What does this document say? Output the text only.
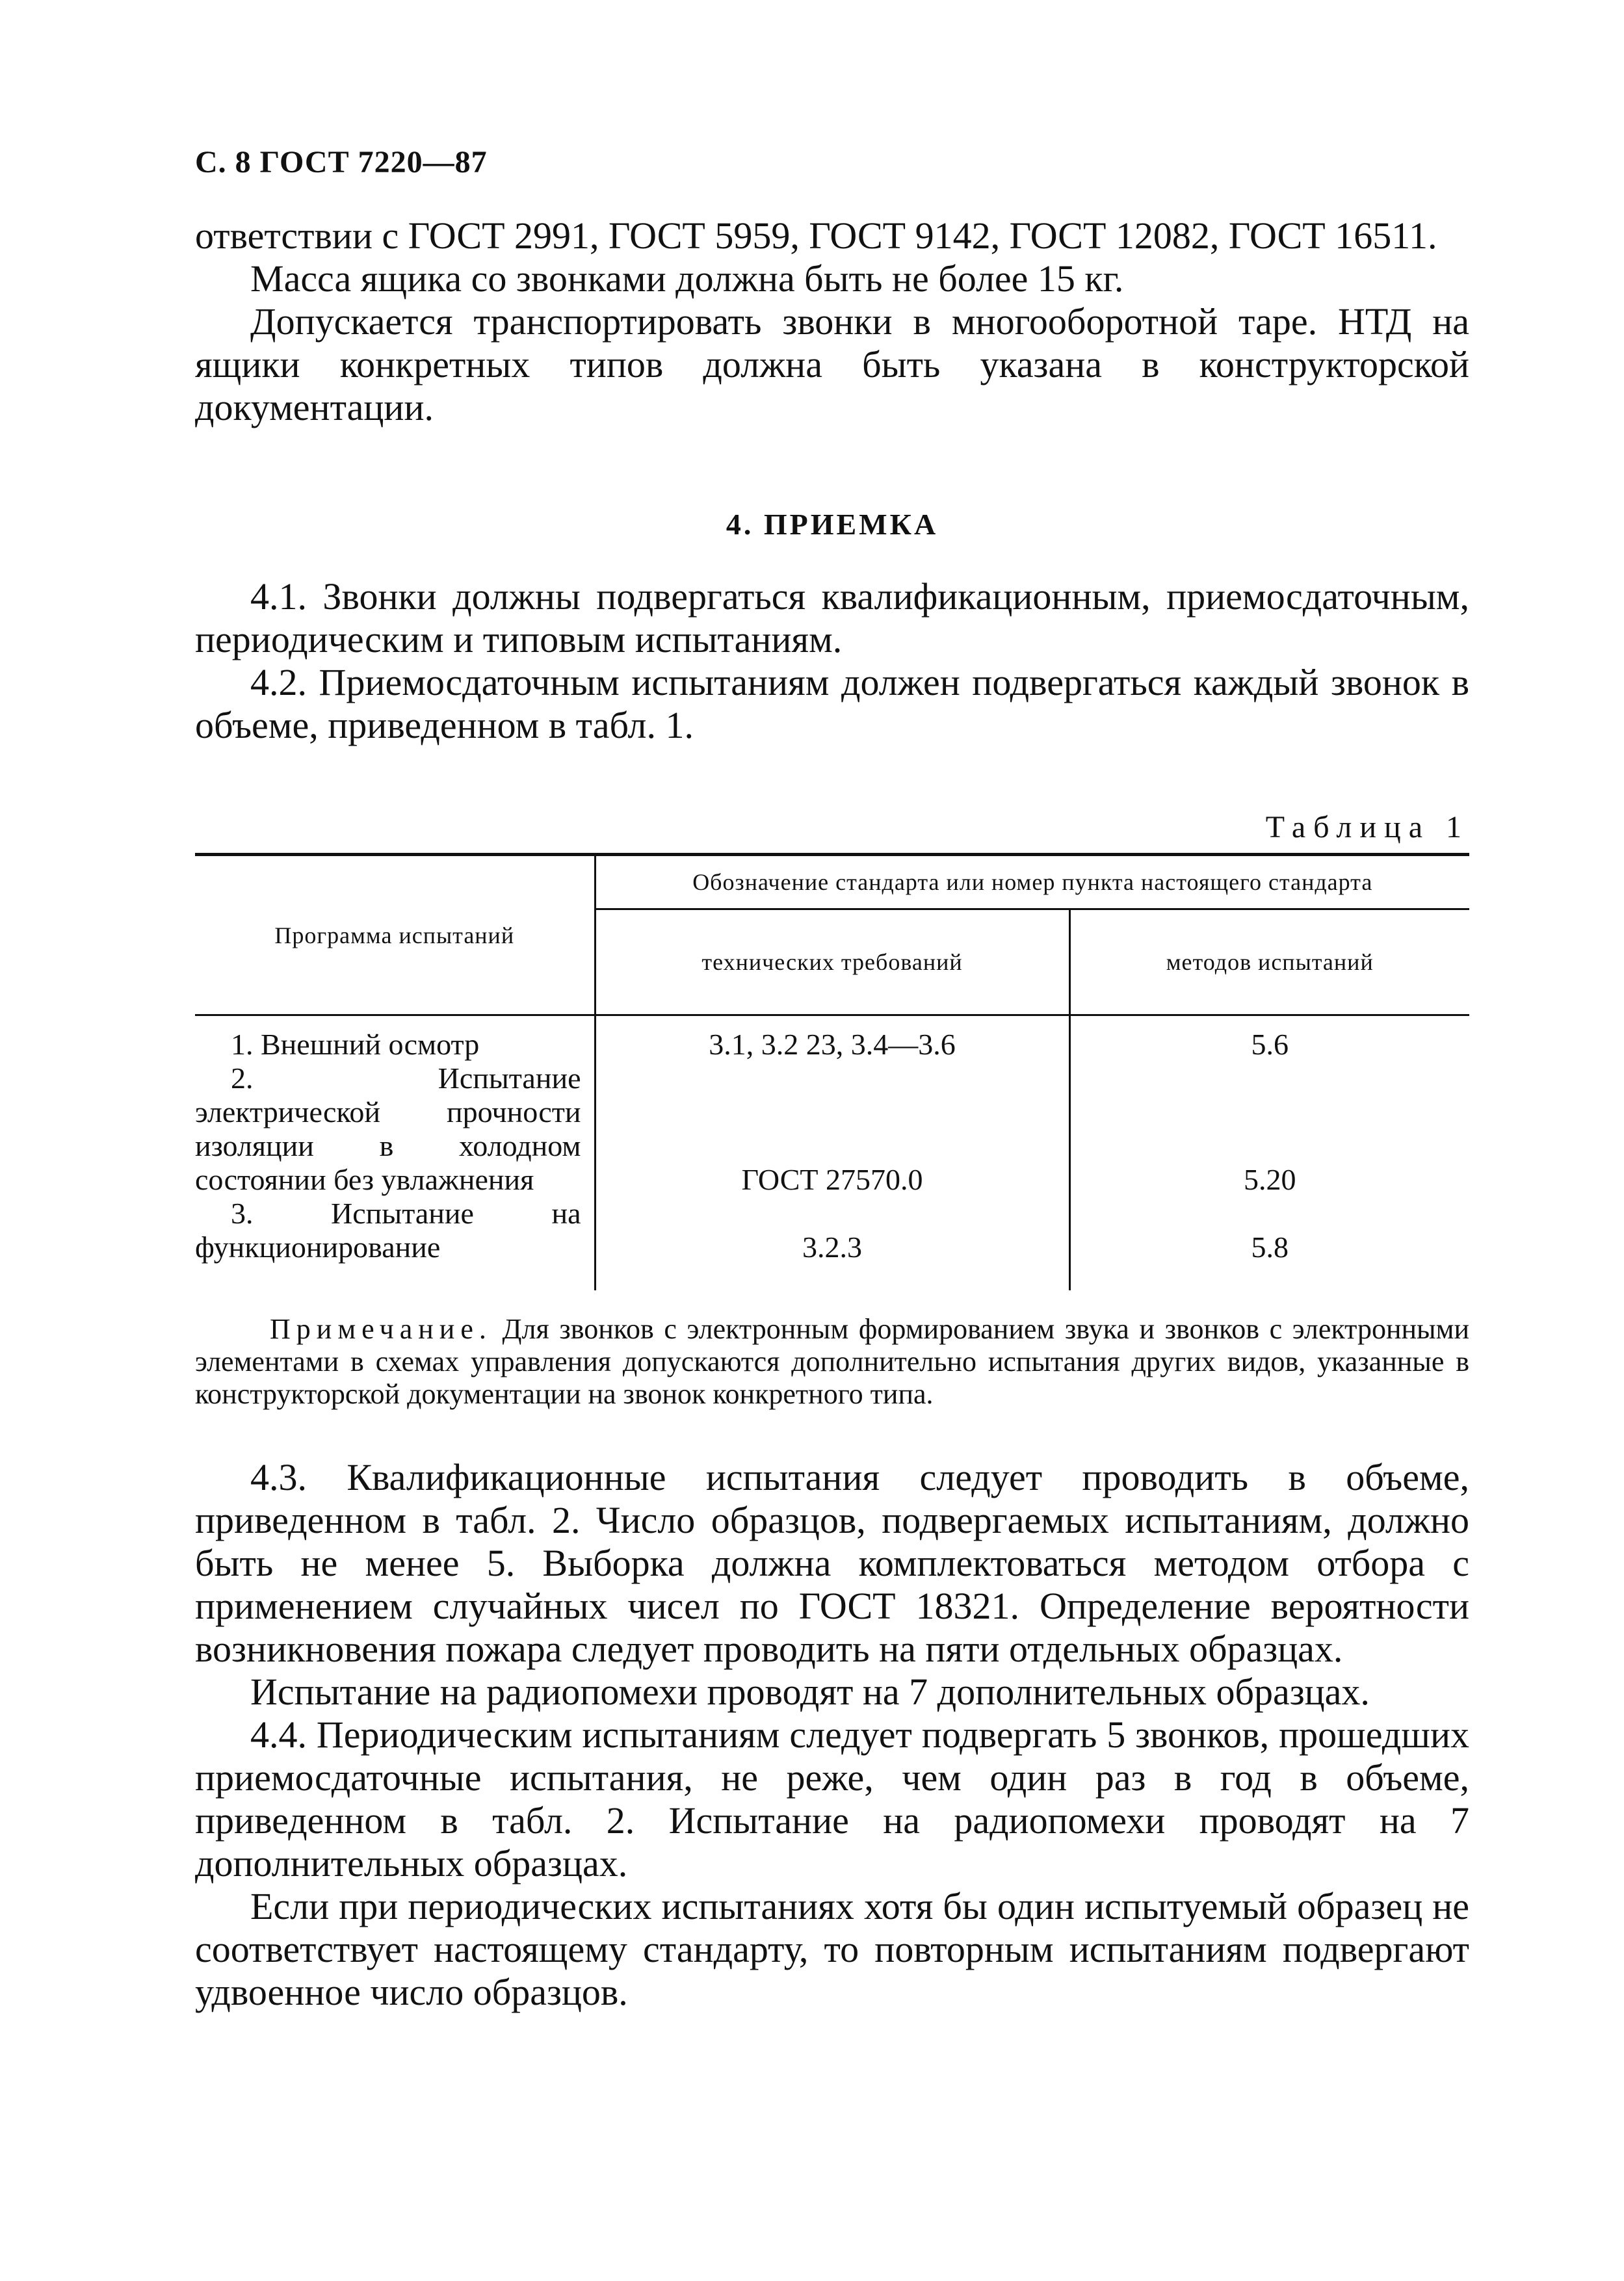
С. 8 ГОСТ 7220—87

ответствии с ГОСТ 2991, ГОСТ 5959, ГОСТ 9142, ГОСТ 12082, ГОСТ 16511.

Масса ящика со звонками должна быть не более 15 кг.

Допускается транспортировать звонки в многооборотной таре. НТД на ящики конкретных типов должна быть указана в конструкторской документации.

4. ПРИЕМКА

4.1. Звонки должны подвергаться квалификационным, приемосдаточным, периодическим и типовым испытаниям.

4.2. Приемосдаточным испытаниям должен подвергаться каждый звонок в объеме, приведенном в табл. 1.

Таблица 1
Программа испытаний	Обозначение стандарта или номер пункта настоящего стандарта	
	технических требований	методов испытаний

1. Внешний осмотр	3.1, 3.2 23, 3.4—3.6	5.6

2. Испытание электрической прочности изоляции в холодном состоянии без увлажнения	ГОСТ 27570.0	5.20

3. Испытание на функционирование	3.2.3	5.8

Примечание. Для звонков с электронным формированием звука и звонков с электронными элементами в схемах управления допускаются дополнительно испытания других видов, указанные в конструкторской документации на звонок конкретного типа.

4.3. Квалификационные испытания следует проводить в объеме, приведенном в табл. 2. Число образцов, подвергаемых испытаниям, должно быть не менее 5. Выборка должна комплектоваться методом отбора с применением случайных чисел по ГОСТ 18321. Определение вероятности возникновения пожара следует проводить на пяти отдельных образцах.

Испытание на радиопомехи проводят на 7 дополнительных образцах.

4.4. Периодическим испытаниям следует подвергать 5 звонков, прошедших приемосдаточные испытания, не реже, чем один раз в год в объеме, приведенном в табл. 2. Испытание на радиопомехи проводят на 7 дополнительных образцах.

Если при периодических испытаниях хотя бы один испытуемый образец не соответствует настоящему стандарту, то повторным испытаниям подвергают удвоенное число образцов.
